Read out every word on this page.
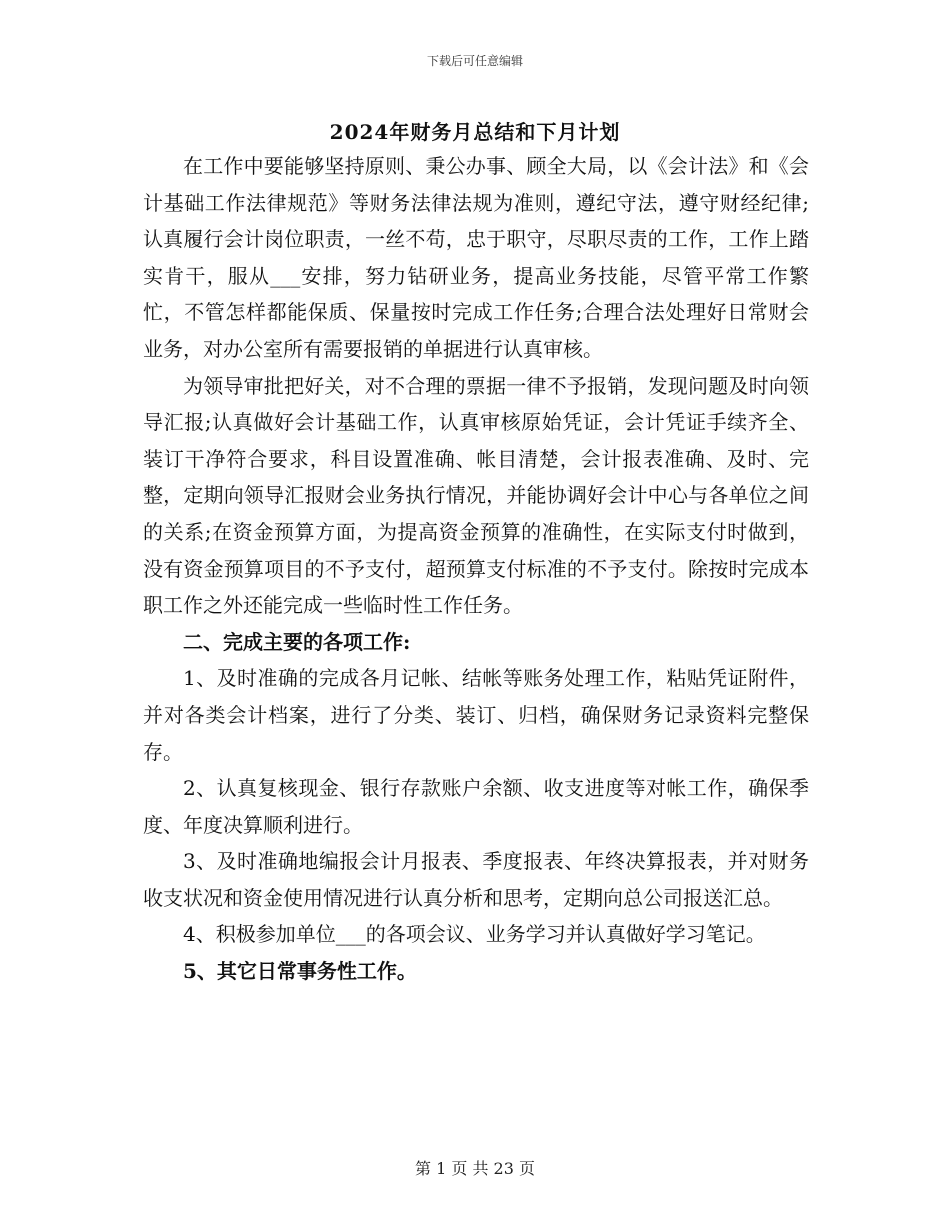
下载后可任意编辑
2024年财务月总结和下月计划

在工作中要能够坚持原则、秉公办事、顾全大局，以《会计法》和《会计基础工作法律规范》等财务法律法规为准则，遵纪守法，遵守财经纪律;认真履行会计岗位职责，一丝不苟，忠于职守，尽职尽责的工作，工作上踏实肯干，服从___安排，努力钻研业务，提高业务技能，尽管平常工作繁忙，不管怎样都能保质、保量按时完成工作任务;合理合法处理好日常财会业务，对办公室所有需要报销的单据进行认真审核。

为领导审批把好关，对不合理的票据一律不予报销，发现问题及时向领导汇报;认真做好会计基础工作，认真审核原始凭证，会计凭证手续齐全、装订干净符合要求，科目设置准确、帐目清楚，会计报表准确、及时、完整，定期向领导汇报财会业务执行情况，并能协调好会计中心与各单位之间的关系;在资金预算方面，为提高资金预算的准确性，在实际支付时做到，没有资金预算项目的不予支付，超预算支付标准的不予支付。除按时完成本职工作之外还能完成一些临时性工作任务。

二、完成主要的各项工作:

1、及时准确的完成各月记帐、结帐等账务处理工作，粘贴凭证附件，并对各类会计档案，进行了分类、装订、归档，确保财务记录资料完整保存。

2、认真复核现金、银行存款账户余额、收支进度等对帐工作，确保季度、年度决算顺利进行。

3、及时准确地编报会计月报表、季度报表、年终决算报表，并对财务收支状况和资金使用情况进行认真分析和思考，定期向总公司报送汇总。

4、积极参加单位___的各项会议、业务学习并认真做好学习笔记。

5、其它日常事务性工作。

第 1 页 共 23 页
